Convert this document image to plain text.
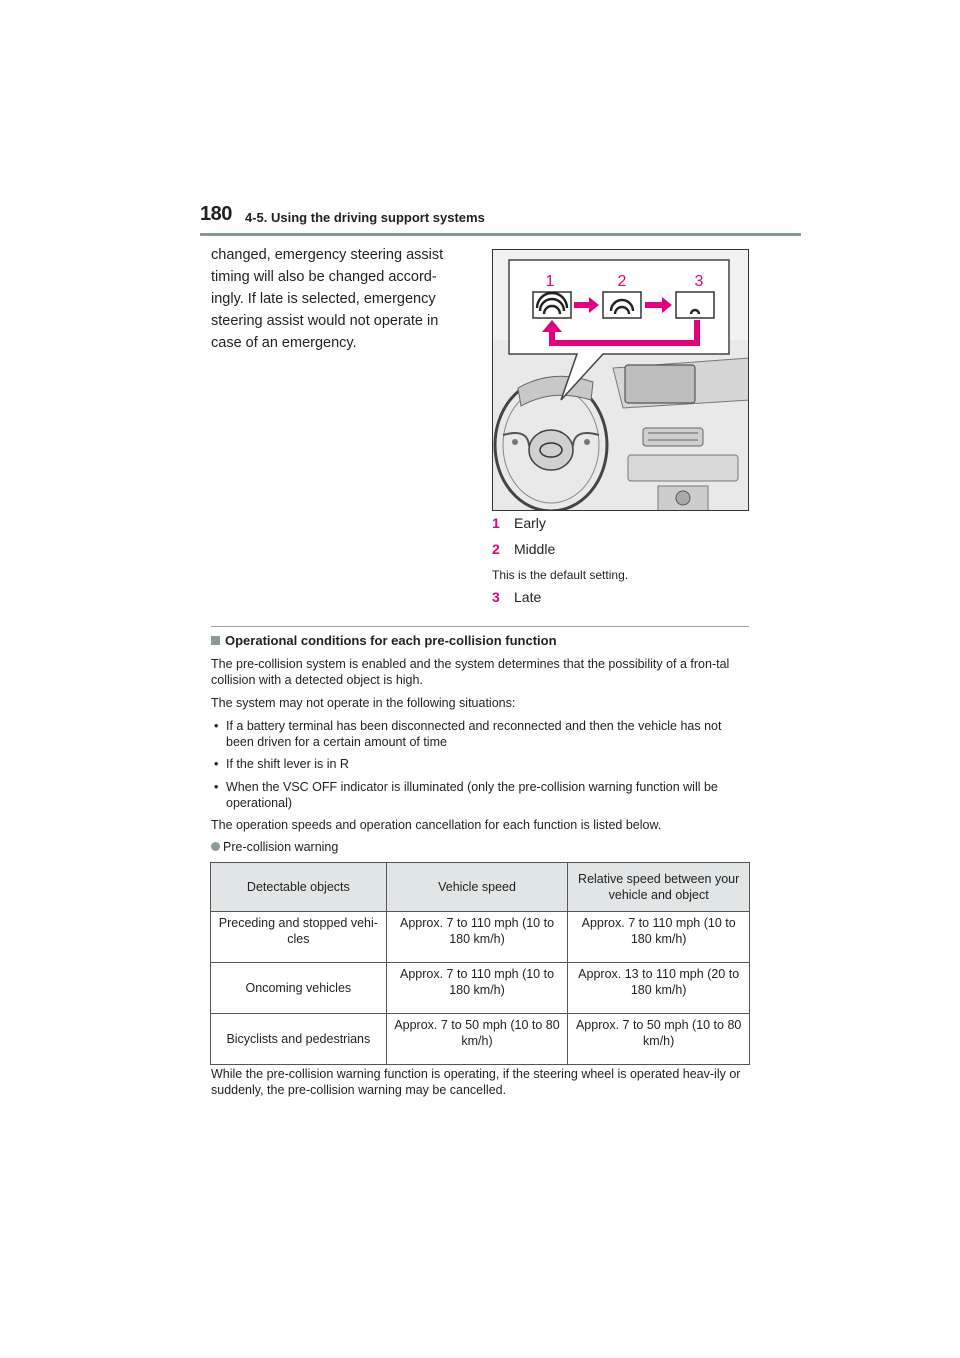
180 4-5. Using the driving support systems

changed, emergency steering assist timing will also be changed accord-ingly. If late is selected, emergency steering assist would not operate in case of an emergency.

1	2	3
1 Early
2 Middle
This is the default setting.
3 Late
Operational conditions for each pre-collision function

The pre-collision system is enabled and the system determines that the possibility of a fron-tal collision with a detected object is high.

The system may not operate in the following situations:

• If a battery terminal has been disconnected and reconnected and then the vehicle has not been driven for a certain amount of time
• If the shift lever is in R
• When the VSC OFF indicator is illuminated (only the pre-collision warning function will be operational)

The operation speeds and operation cancellation for each function is listed below.

Pre-collision warning
Detectable objects	Vehicle speed	Relative speed between your vehicle and object
Preceding and stopped vehi-cles	Approx. 7 to 110 mph (10 to 180 km/h)	Approx. 7 to 110 mph (10 to 180 km/h)
Oncoming vehicles	Approx. 7 to 110 mph (10 to 180 km/h)	Approx. 13 to 110 mph (20 to 180 km/h)
Bicyclists and pedestrians	Approx. 7 to 50 mph (10 to 80 km/h)	Approx. 7 to 50 mph (10 to 80 km/h)

While the pre-collision warning function is operating, if the steering wheel is operated heav-ily or suddenly, the pre-collision warning may be cancelled.
